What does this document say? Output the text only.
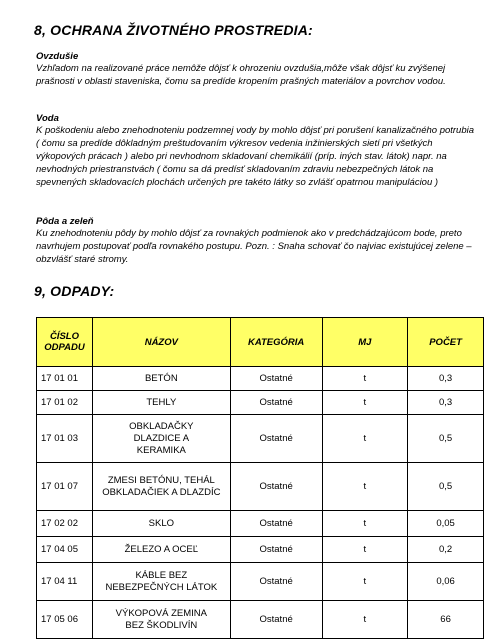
8, OCHRANA ŽIVOTNÉHO PROSTREDIA:
Ovzdušie

Vzhľadom na realizované práce nemôže dôjsť k ohrozeniu ovzdušia,môže však dôjsť ku zvýšenej prašnosti v oblasti staveniska, čomu sa predíde kropením prašných materiálov a povrchov vodou.

Voda

K poškodeniu alebo znehodnoteniu podzemnej vody by mohlo dôjsť pri porušení kanalizačného potrubia ( čomu sa predíde dôkladným preštudovaním výkresov vedenia inžinierských sietí pri všetkých výkopových prácach ) alebo pri nevhodnom skladovaní chemikálií (príp. iných stav. látok) napr. na nevhodných priestranstvách ( čomu sa dá predísť skladovaním zdraviu nebezpečných látok na spevnených skladovacích plochách určených pre takéto látky so zvlášť opatrnou manipuláciou )

Pôda a zeleň

Ku znehodnoteniu pôdy by mohlo dôjsť za rovnakých podmienok ako v predchádzajúcom bode, preto navrhujem postupovať podľa rovnakého postupu. Pozn. : Snaha schovať čo najviac existujúcej zelene – obzvlášť staré stromy.

9, ODPADY:
ČÍSLO ODPADU	NÁZOV	KATEGÓRIA	MJ	POČET
17 01 01	BETÓN	Ostatné	t	0,3
17 01 02	TEHLY	Ostatné	t	0,3
17 01 03	OBKLADAČKY DLAZDICE A KERAMIKA	Ostatné	t	0,5
17 01 07	ZMESI BETÓNU, TEHÁL OBKLADAČIEK A DLAZDÍC	Ostatné	t	0,5
17 02 02	SKLO	Ostatné	t	0,05
17 04 05	ŽELEZO A OCEĽ	Ostatné	t	0,2
17 04 11	KÁBLE BEZ NEBEZPEČNÝCH LÁTOK	Ostatné	t	0,06
17 05 06	VÝKOPOVÁ ZEMINA BEZ ŠKODLIVÍN	Ostatné	t	66
